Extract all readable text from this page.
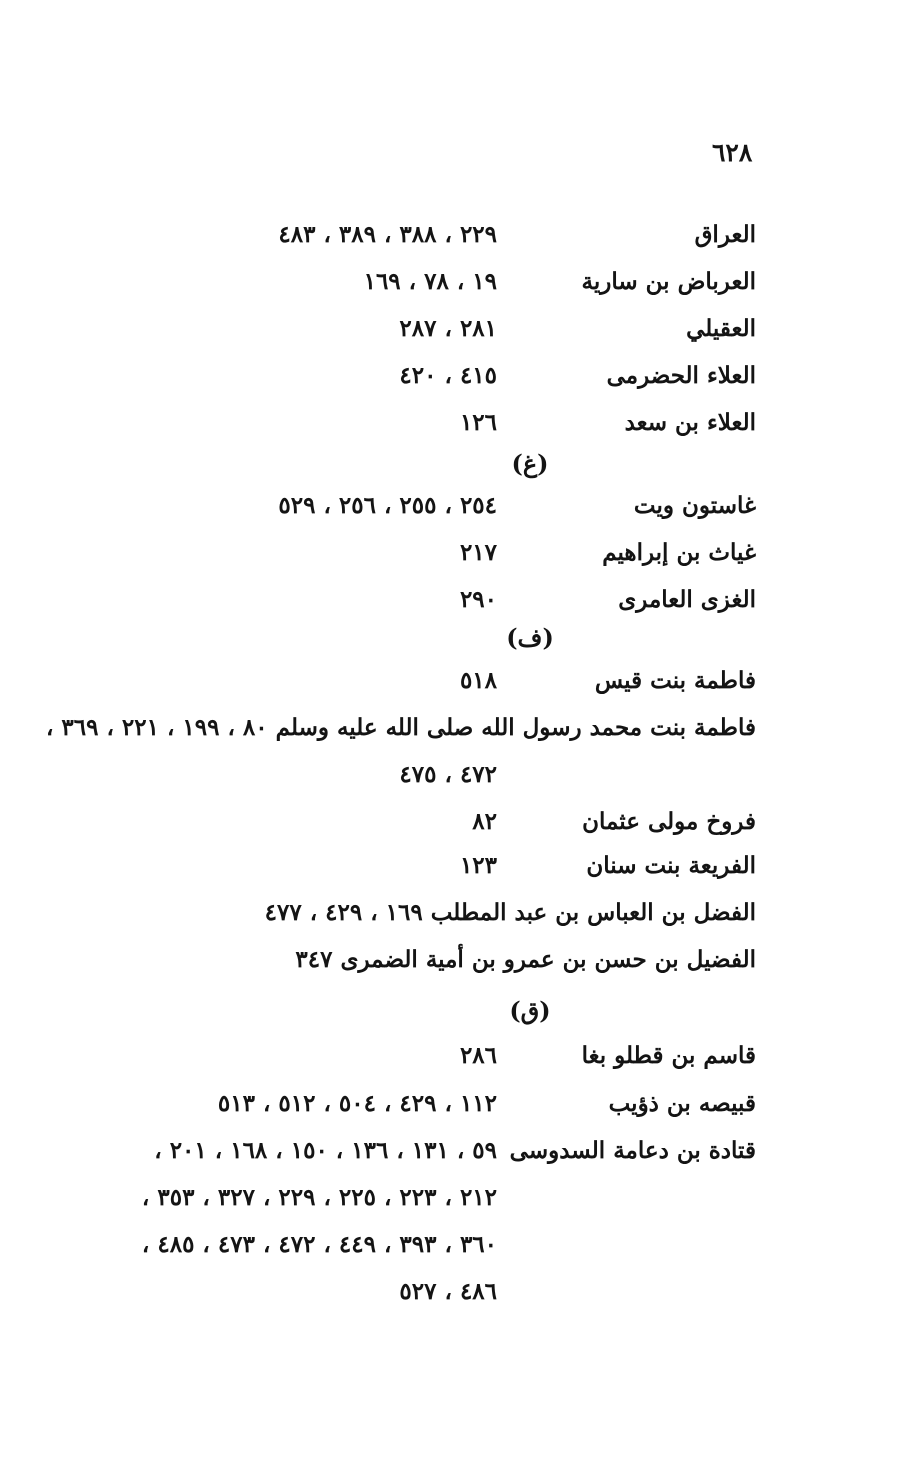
٦٢٨
العراق
٢٢٩ ، ٣٨٨ ، ٣٨٩ ، ٤٨٣
العرباض بن سارية
١٩ ، ٧٨ ، ١٦٩
العقيلي
٢٨١ ، ٢٨٧
العلاء الحضرمى
٤١٥ ، ٤٢٠
العلاء بن سعد
١٢٦
(غ)
غاستون ويت
٢٥٤ ، ٢٥٥ ، ٢٥٦ ، ٥٢٩
غياث بن إبراهيم
٢١٧
الغزى العامرى
٢٩٠
(ف)
فاطمة بنت قيس
٥١٨
فاطمة بنت محمد رسول الله صلى الله عليه وسلم ٨٠ ، ١٩٩ ، ٢٢١ ، ٣٦٩ ،
٤٧٢ ، ٤٧٥
فروخ مولى عثمان
٨٢
الفريعة بنت سنان
١٢٣
الفضل بن العباس بن عبد المطلب ١٦٩ ، ٤٢٩ ، ٤٧٧
الفضيل بن حسن بن عمرو بن أمية الضمرى ٣٤٧
(ق)
قاسم بن قطلو بغا
٢٨٦
قبيصه بن ذؤيب
١١٢ ، ٤٢٩ ، ٥٠٤ ، ٥١٢ ، ٥١٣
قتادة بن دعامة السدوسى
٥٩ ، ١٣١ ، ١٣٦ ، ١٥٠ ، ١٦٨ ، ٢٠١ ،
٢١٢ ، ٢٢٣ ، ٢٢٥ ، ٢٢٩ ، ٣٢٧ ، ٣٥٣ ،
٣٦٠ ، ٣٩٣ ، ٤٤٩ ، ٤٧٢ ، ٤٧٣ ، ٤٨٥ ،
٤٨٦ ، ٥٢٧
